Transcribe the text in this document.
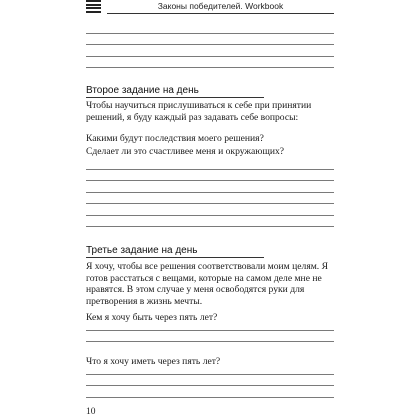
Законы победителей. Workbook
Второе задание на день

Чтобы научиться прислушиваться к себе при принятии решений, я буду каждый раз задавать себе вопросы:

Какими будут последствия моего решения?

Сделает ли это счастливее меня и окружающих?

Третье задание на день

Я хочу, чтобы все решения соответствовали моим целям. Я готов расстаться с вещами, которые на самом деле мне не нравятся. В этом случае у меня освободятся руки для претворения в жизнь мечты.

Кем я хочу быть через пять лет?

Что я хочу иметь через пять лет?

10
